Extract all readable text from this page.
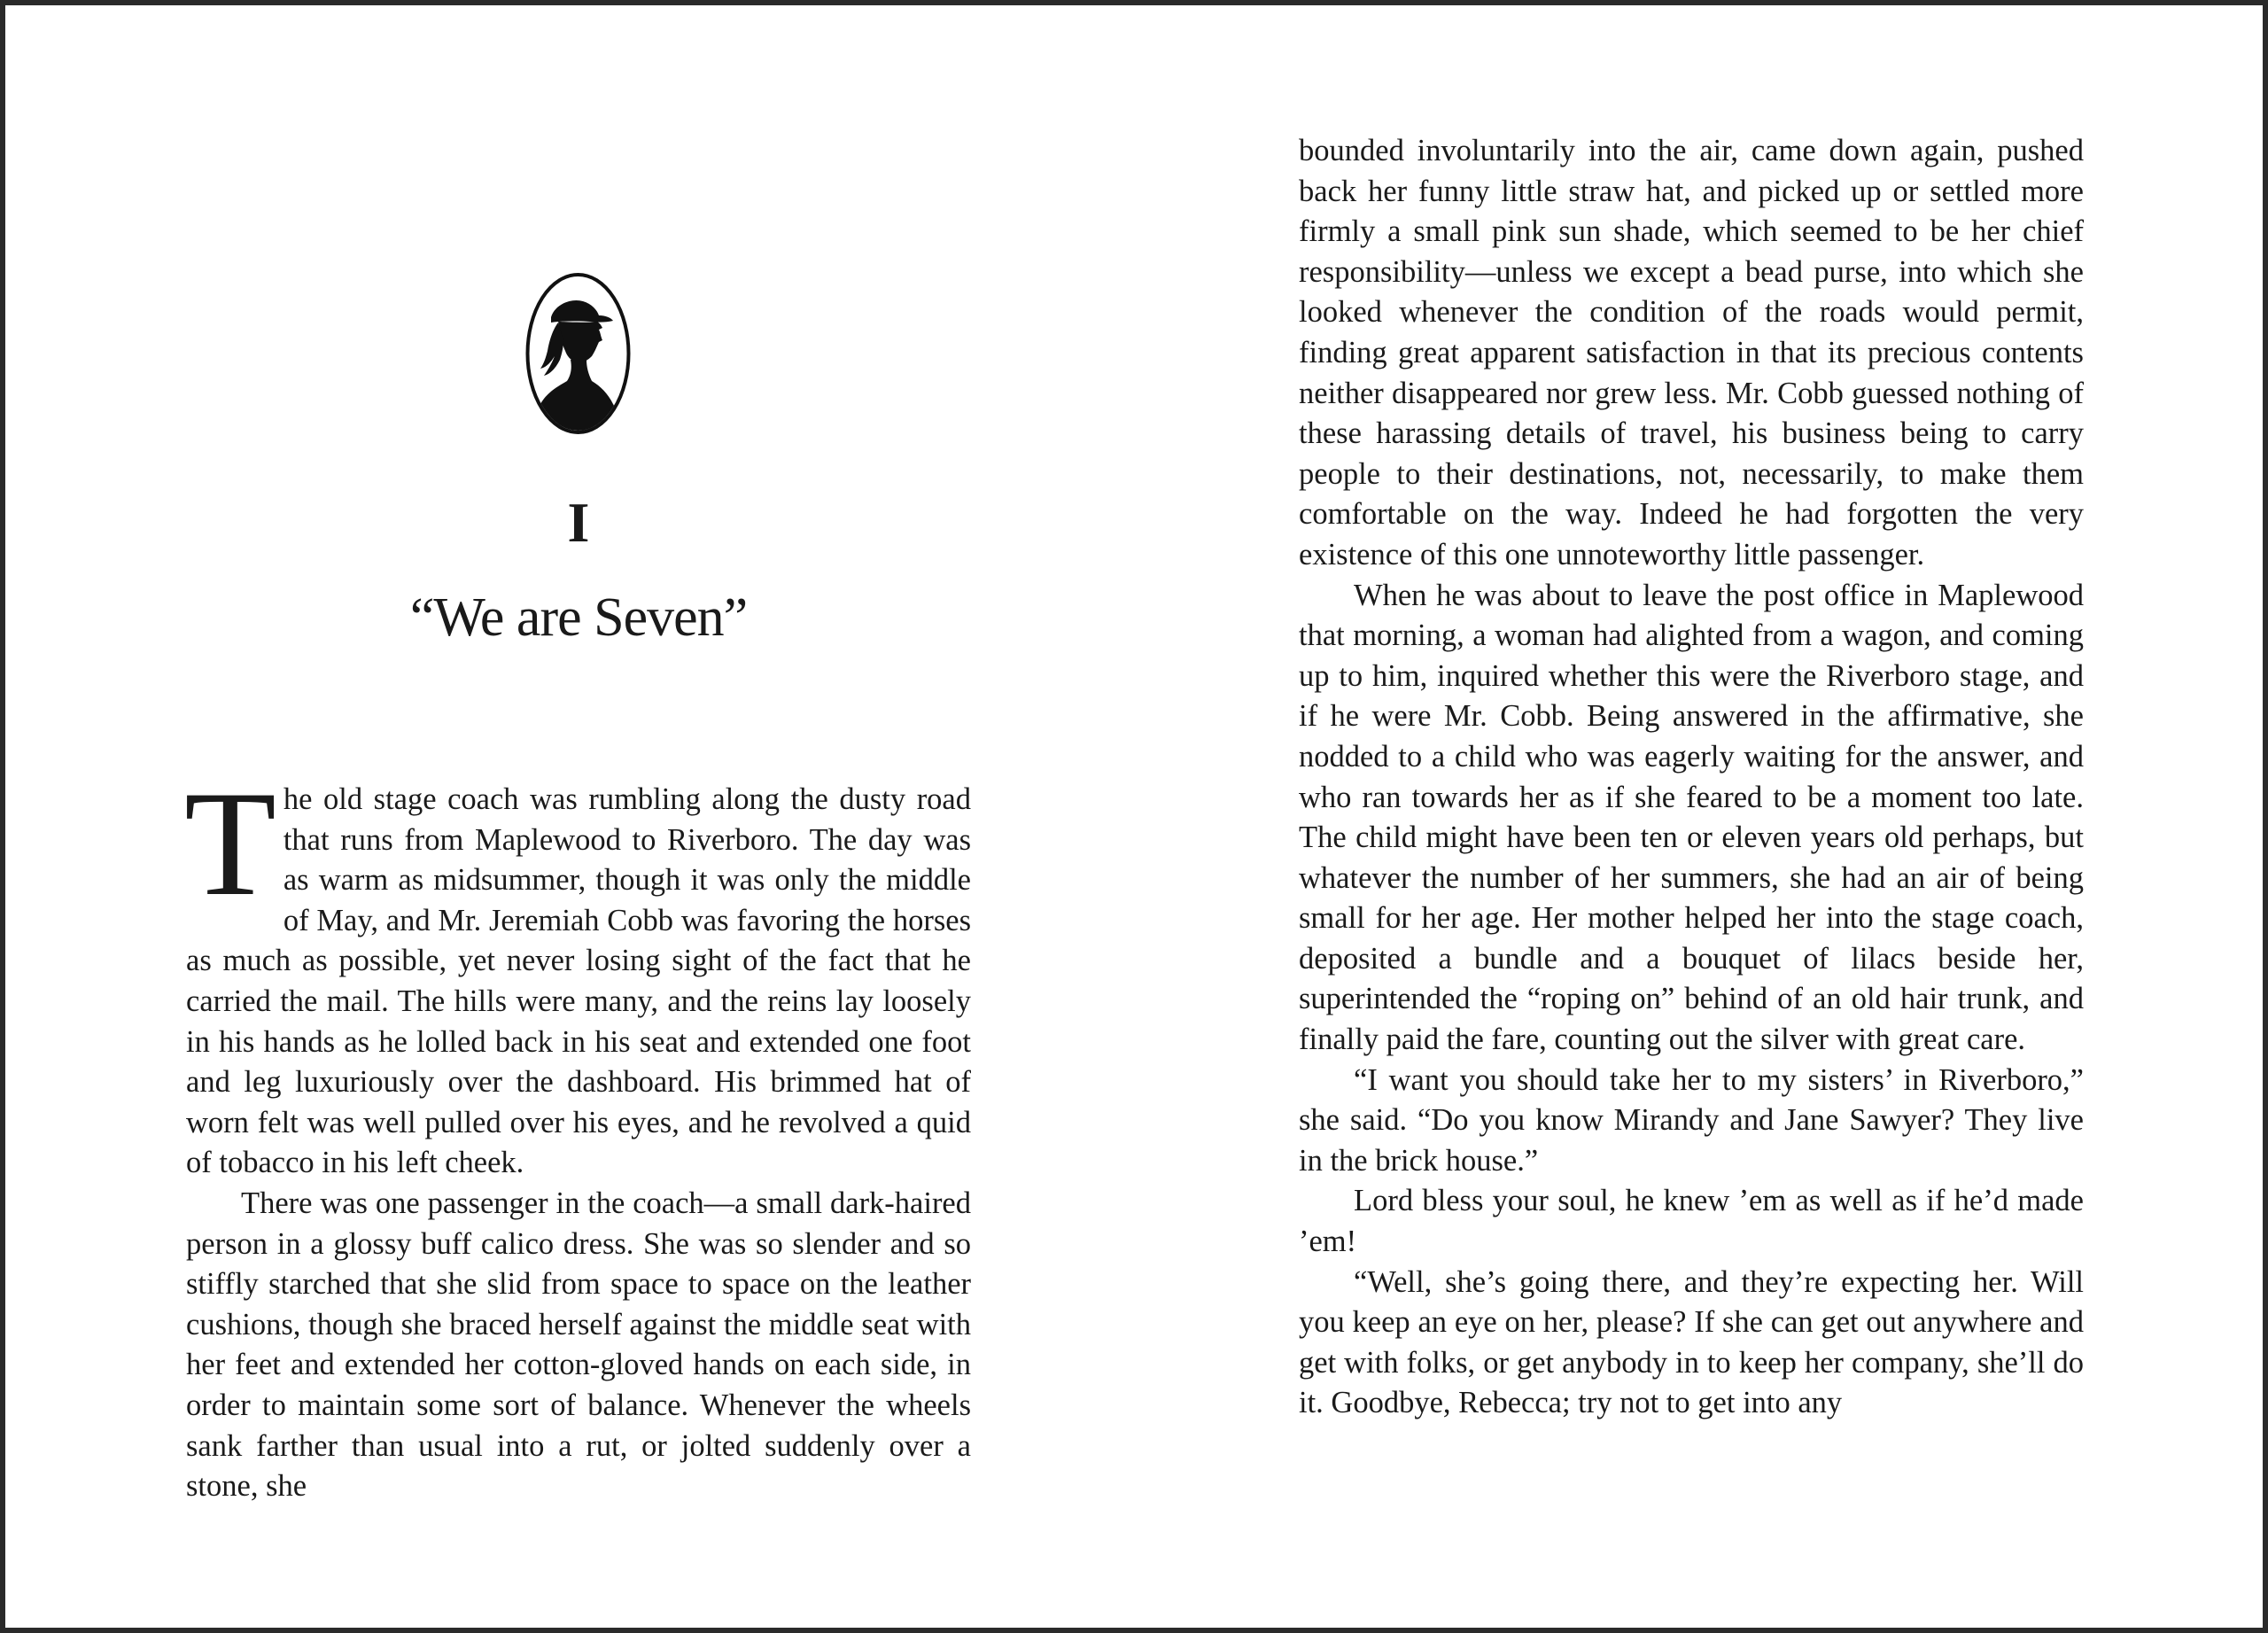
I
“We are Seven”

The old stage coach was rumbling along the dusty road that runs from Maplewood to Riverboro. The day was as warm as midsummer, though it was only the middle of May, and Mr. Jeremiah Cobb was favoring the horses as much as possible, yet never losing sight of the fact that he carried the mail. The hills were many, and the reins lay loosely in his hands as he lolled back in his seat and extended one foot and leg luxuriously over the dashboard. His brimmed hat of worn felt was well pulled over his eyes, and he revolved a quid of tobacco in his left cheek.

There was one passenger in the coach—a small dark-haired person in a glossy buff calico dress. She was so slender and so stiffly starched that she slid from space to space on the leather cushions, though she braced herself against the middle seat with her feet and extended her cotton-gloved hands on each side, in order to maintain some sort of balance. Whenever the wheels sank farther than usual into a rut, or jolted suddenly over a stone, she

bounded involuntarily into the air, came down again, pushed back her funny little straw hat, and picked up or settled more firmly a small pink sun shade, which seemed to be her chief responsibility—unless we except a bead purse, into which she looked whenever the condition of the roads would permit, finding great apparent satisfaction in that its precious contents neither disappeared nor grew less. Mr. Cobb guessed nothing of these harassing details of travel, his business being to carry people to their destinations, not, necessarily, to make them comfortable on the way. Indeed he had forgotten the very existence of this one unnoteworthy little passenger.

When he was about to leave the post office in Maplewood that morning, a woman had alighted from a wagon, and coming up to him, inquired whether this were the Riverboro stage, and if he were Mr. Cobb. Being answered in the affirmative, she nodded to a child who was eagerly waiting for the answer, and who ran towards her as if she feared to be a moment too late. The child might have been ten or eleven years old perhaps, but whatever the number of her summers, she had an air of being small for her age. Her mother helped her into the stage coach, deposited a bundle and a bouquet of lilacs beside her, superintended the “roping on” behind of an old hair trunk, and finally paid the fare, counting out the silver with great care.

“I want you should take her to my sisters’ in Riverboro,” she said. “Do you know Mirandy and Jane Sawyer? They live in the brick house.”

Lord bless your soul, he knew ’em as well as if he’d made ’em!

“Well, she’s going there, and they’re expecting her. Will you keep an eye on her, please? If she can get out anywhere and get with folks, or get anybody in to keep her company, she’ll do it. Goodbye, Rebecca; try not to get into any
